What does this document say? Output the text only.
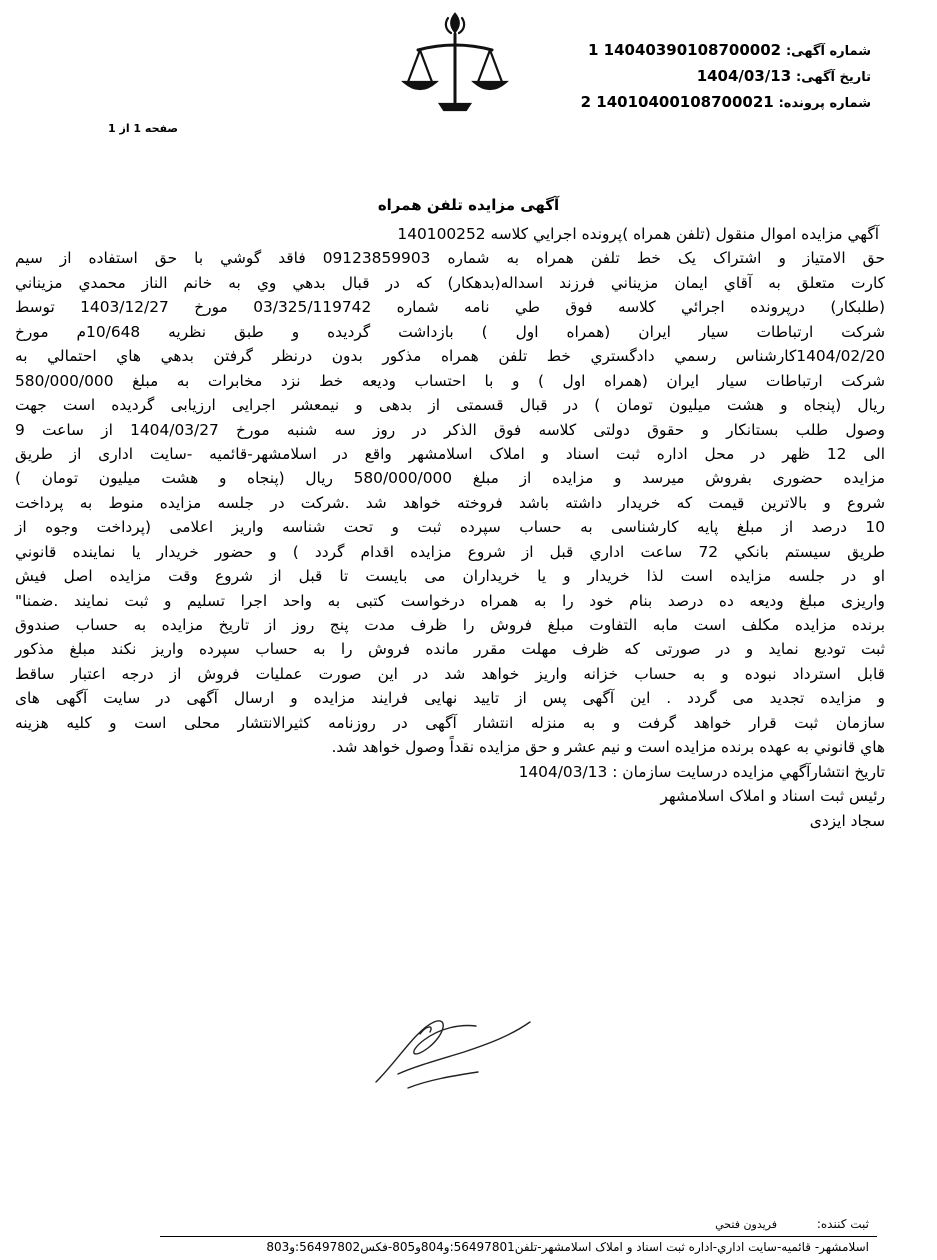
شماره آگهی: 14040390108700002 1
تاریخ آگهی: 1404/03/13
شماره پرونده: 14010400108700021 2
صفحه 1 از 1
آگهی مزایده تلفن همراه
آگهي مزايده اموال منقول (تلفن همراه )پرونده اجرايي كلاسه 140100252
حق الامتياز و اشتراک يک خط تلفن همراه به شماره 09123859903 فاقد گوشي با حق استفاده از سيم
كارت متعلق به آقاي ايمان مزيناني فرزند اسداله(بدهكار) كه در قبال بدهي وي به خانم الناز محمدي مزيناني
(طلبكار) درپرونده اجرائي كلاسه فوق طي نامه شماره 03/325/119742 مورخ 1403/12/27 توسط
شركت ارتباطات سيار ايران (همراه اول ) بازداشت گرديده و طبق نظريه 10/648م مورخ
1404/02/20كارشناس رسمي دادگستري خط تلفن همراه مذكور بدون درنظر گرفتن بدهي هاي احتمالي به
شركت ارتباطات سيار ايران (همراه اول ) و با احتساب وديعه خط نزد مخابرات به مبلغ 580/000/000
ريال (پنجاه و هشت ميليون تومان ) در قبال قسمتی از بدهی و نیمعشر اجرایی ارزیابی گرديده است جهت
وصول طلب بستانکار و حقوق دولتی کلاسه فوق الذکر در روز سه شنبه مورخ 1404/03/27 از ساعت 9
الی 12 ظهر در محل اداره ثبت اسناد و املاک اسلامشهر واقع در اسلامشهر-قائمیه -سایت اداری از طریق
مزایده حضوری بفروش میرسد و مزایده از مبلغ 580/000/000 ريال (پنجاه و هشت ميليون تومان )
شروع و بالاترین قیمت که خریدار داشته باشد فروخته خواهد شد .شرکت در جلسه مزایده منوط به پرداخت
10 درصد از مبلغ پایه کارشناسی به حساب سپرده ثبت و تحت شناسه واریز اعلامی (پرداخت وجوه از
طريق سيستم بانكي 72 ساعت اداري قبل از شروع مزايده اقدام گردد ) و حضور خريدار يا نماينده قانوني
او در جلسه مزایده است لذا خریدار و یا خریداران می بایست تا قبل از شروع وقت مزایده اصل فیش
واریزی مبلغ ودیعه ده درصد بنام خود را به همراه درخواست کتبی به واحد اجرا تسلیم و ثبت نمایند .ضمنا"
برنده مزایده مکلف است مابه التفاوت مبلغ فروش را ظرف مدت پنج روز از تاریخ مزایده به حساب صندوق
ثبت تودیع نماید و در صورتی که ظرف مهلت مقرر مانده فروش را به حساب سپرده واریز نکند مبلغ مذکور
قابل استرداد نبوده و به حساب خزانه واریز خواهد شد در این صورت عملیات فروش از درجه اعتبار ساقط
و مزایده تجدید می گردد . این آگهی پس از تایید نهایی فرایند مزایده و ارسال آگهی در سایت آگهی های
سازمان ثبت قرار خواهد گرفت و به منزله انتشار آگهی در روزنامه کثیرالانتشار محلی است و کلیه هزینه
هاي قانوني به عهده برنده مزايده است و نيم عشر و حق مزايده نقداً وصول خواهد شد.
تاريخ انتشارآگهي مزايده درسايت سازمان : 1404/03/13
رئيس ثبت اسناد و املاک اسلامشهر
سجاد ایزدی
ثبت کننده: فریدون فتحي
اسلامشهر- قائميه-سايت اداري-اداره ثبت اسناد و املاک اسلامشهر-تلفن56497801:و804و805-فكس56497802:و803
